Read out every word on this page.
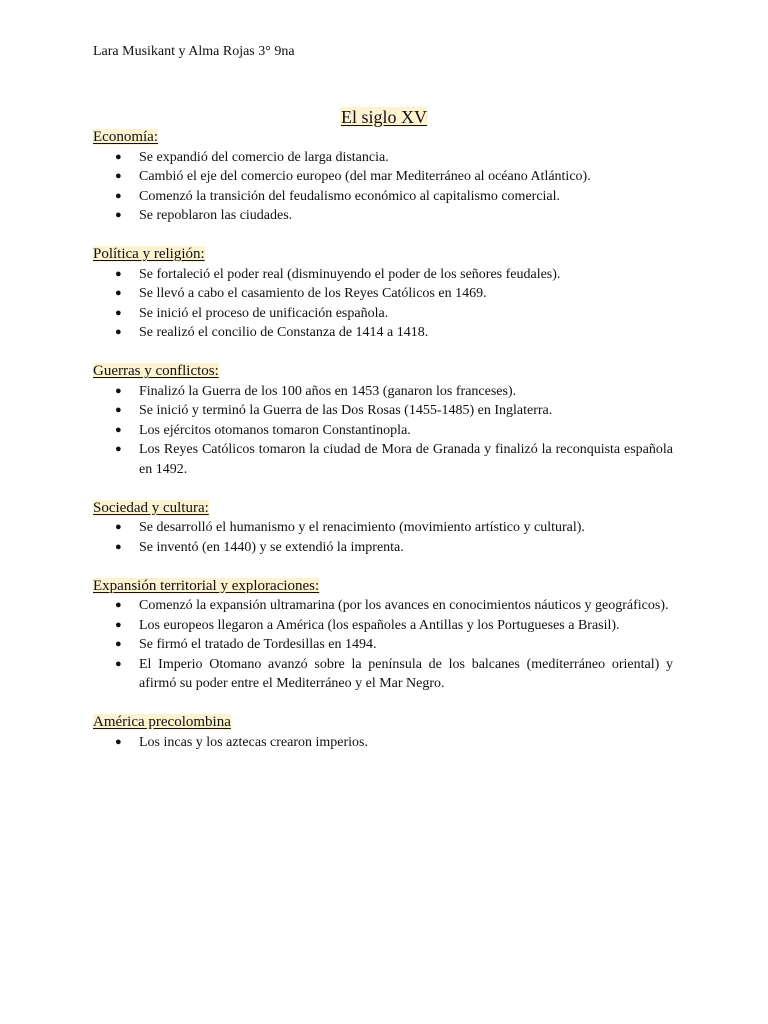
Lara Musikant y Alma Rojas 3° 9na
El siglo XV
Economía:
● Se expandió del comercio de larga distancia.
● Cambió el eje del comercio europeo (del mar Mediterráneo al océano Atlántico).
● Comenzó la transición del feudalismo económico al capitalismo comercial.
● Se repoblaron las ciudades.
Política y religión:
● Se fortaleció el poder real (disminuyendo el poder de los señores feudales).
● Se llevó a cabo el casamiento de los Reyes Católicos en 1469.
● Se inició el proceso de unificación española.
● Se realizó el concilio de Constanza de 1414 a 1418.
Guerras y conflictos:
● Finalizó la Guerra de los 100 años en 1453 (ganaron los franceses).
● Se inició y terminó la Guerra de las Dos Rosas (1455-1485) en Inglaterra.
● Los ejércitos otomanos tomaron Constantinopla.
● Los Reyes Católicos tomaron la ciudad de Mora de Granada y finalizó la reconquista española en 1492.
Sociedad y cultura:
● Se desarrolló el humanismo y el renacimiento (movimiento artístico y cultural).
● Se inventó (en 1440) y se extendió la imprenta.
Expansión territorial y exploraciones:
● Comenzó la expansión ultramarina (por los avances en conocimientos náuticos y geográficos).
● Los europeos llegaron a América (los españoles a Antillas y los Portugueses a Brasil).
● Se firmó el tratado de Tordesillas en 1494.
● El Imperio Otomano avanzó sobre la península de los balcanes (mediterráneo oriental) y afirmó su poder entre el Mediterráneo y el Mar Negro.
América precolombina
● Los incas y los aztecas crearon imperios.
